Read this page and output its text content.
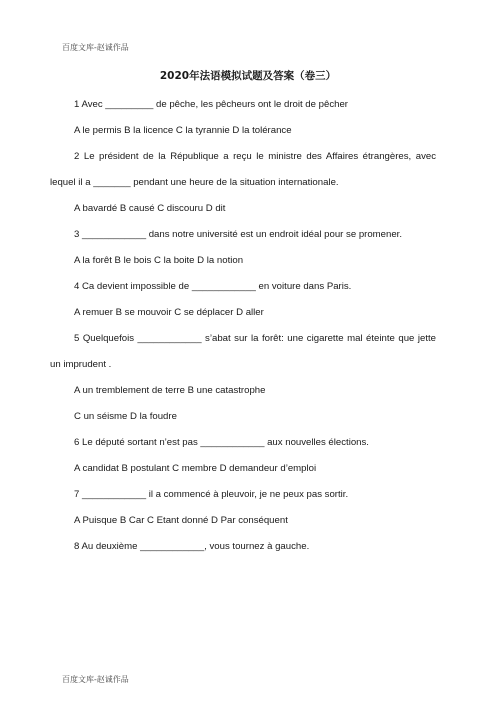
百度文库-赵诚作品
2020年法语模拟试题及答案（卷三）

1 Avec _________ de pêche, les pêcheurs ont le droit de pêcher

A le permis B la licence C la tyrannie D la tolérance

2 Le président de la République a reçu le ministre des Affaires étrangères, avec lequel il a _______ pendant une heure de la situation internationale.

A bavardé B causé C discouru D dit

3 ____________ dans notre université est un endroit idéal pour se promener.

A la forêt B le bois C la boite D la notion

4 Ca devient impossible de ____________ en voiture dans Paris.

A remuer B se mouvoir C se déplacer D aller

5 Quelquefois ____________ s’abat sur la forêt: une cigarette mal éteinte que jette un imprudent .

A un tremblement de terre B une catastrophe

C un séisme D la foudre

6 Le député sortant n’est pas ____________ aux nouvelles élections.

A candidat B postulant C membre D demandeur d’emploi

7 ____________ il a commencé à pleuvoir, je ne peux pas sortir.

A Puisque B Car C Etant donné D Par conséquent

8 Au deuxième ____________, vous tournez à gauche.

百度文库-赵诚作品
